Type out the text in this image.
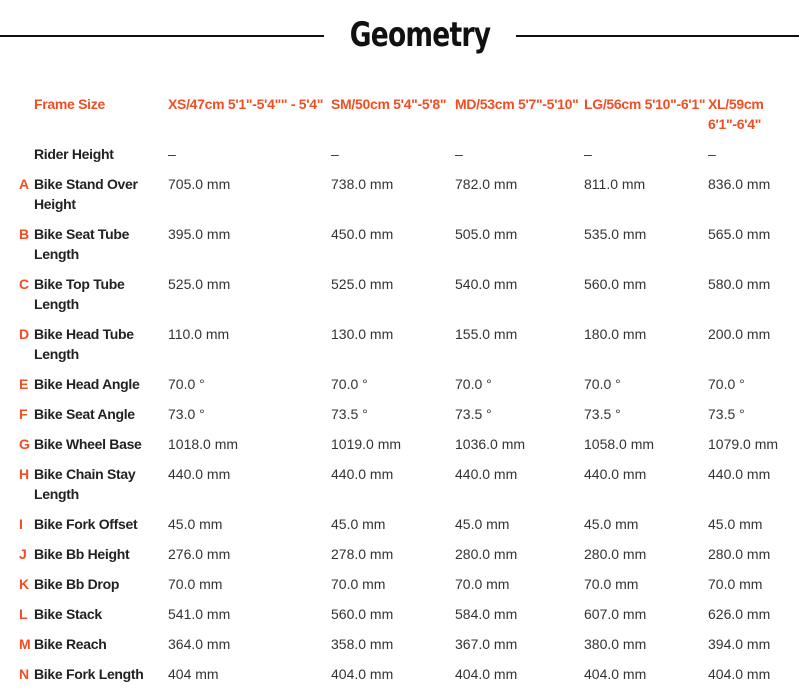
Geometry
	Frame Size	XS/47cm 5'1"-5'4"" - 5'4"	SM/50cm 5'4"-5'8"	MD/53cm 5'7"-5'10"	LG/56cm 5'10"-6'1"	XL/59cm 6'1"-6'4"
	Rider Height	–	–	–	–	–
A	Bike Stand Over Height	705.0 mm	738.0 mm	782.0 mm	811.0 mm	836.0 mm
B	Bike Seat Tube Length	395.0 mm	450.0 mm	505.0 mm	535.0 mm	565.0 mm
C	Bike Top Tube Length	525.0 mm	525.0 mm	540.0 mm	560.0 mm	580.0 mm
D	Bike Head Tube Length	110.0 mm	130.0 mm	155.0 mm	180.0 mm	200.0 mm
E	Bike Head Angle	70.0 °	70.0 °	70.0 °	70.0 °	70.0 °
F	Bike Seat Angle	73.0 °	73.5 °	73.5 °	73.5 °	73.5 °
G	Bike Wheel Base	1018.0 mm	1019.0 mm	1036.0 mm	1058.0 mm	1079.0 mm
H	Bike Chain Stay Length	440.0 mm	440.0 mm	440.0 mm	440.0 mm	440.0 mm
I	Bike Fork Offset	45.0 mm	45.0 mm	45.0 mm	45.0 mm	45.0 mm
J	Bike Bb Height	276.0 mm	278.0 mm	280.0 mm	280.0 mm	280.0 mm
K	Bike Bb Drop	70.0 mm	70.0 mm	70.0 mm	70.0 mm	70.0 mm
L	Bike Stack	541.0 mm	560.0 mm	584.0 mm	607.0 mm	626.0 mm
M	Bike Reach	364.0 mm	358.0 mm	367.0 mm	380.0 mm	394.0 mm
N	Bike Fork Length	404 mm	404.0 mm	404.0 mm	404.0 mm	404.0 mm
